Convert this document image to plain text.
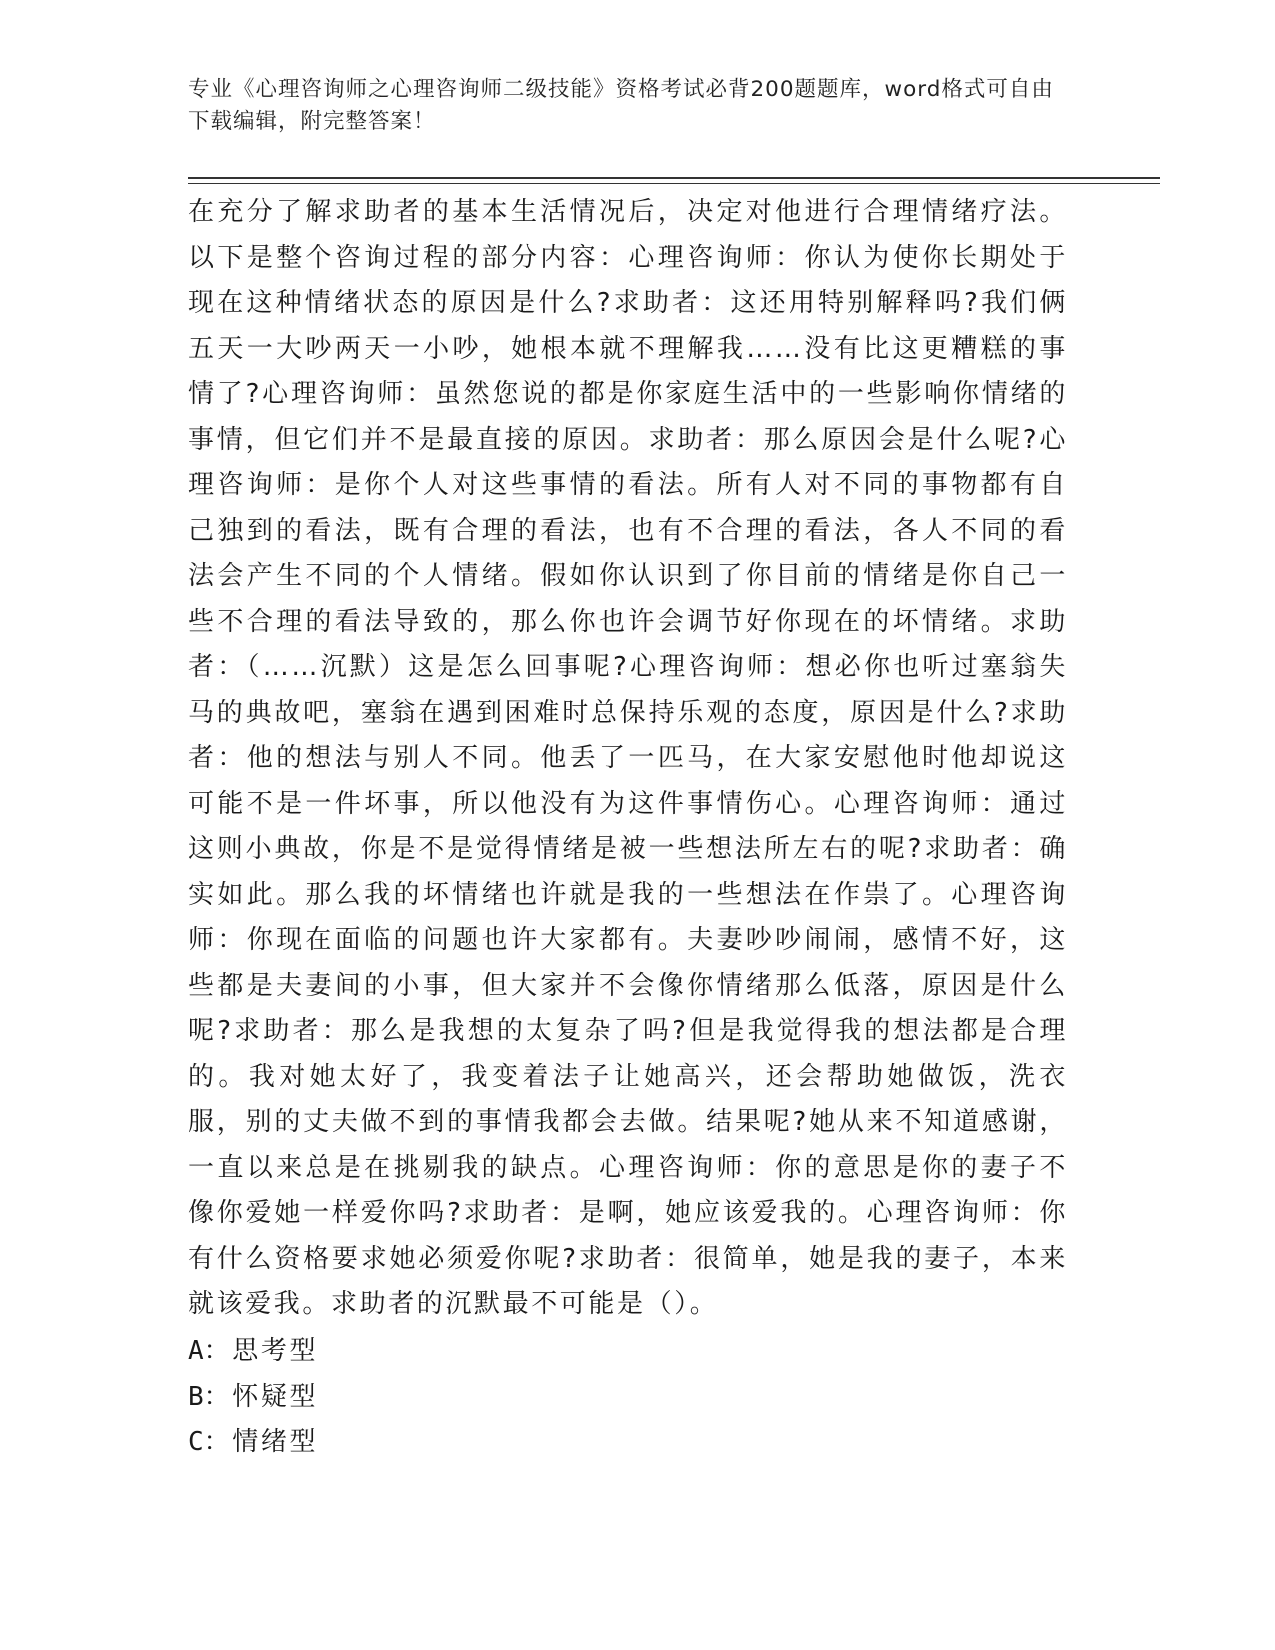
专业《心理咨询师之心理咨询师二级技能》资格考试必背200题题库，word格式可自由下载编辑，附完整答案！
在充分了解求助者的基本生活情况后，决定对他进行合理情绪疗法。以下是整个咨询过程的部分内容：心理咨询师：你认为使你长期处于现在这种情绪状态的原因是什么?求助者：这还用特别解释吗?我们俩五天一大吵两天一小吵，她根本就不理解我……没有比这更糟糕的事情了?心理咨询师：虽然您说的都是你家庭生活中的一些影响你情绪的事情，但它们并不是最直接的原因。求助者：那么原因会是什么呢?心理咨询师：是你个人对这些事情的看法。所有人对不同的事物都有自己独到的看法，既有合理的看法，也有不合理的看法，各人不同的看法会产生不同的个人情绪。假如你认识到了你目前的情绪是你自己一些不合理的看法导致的，那么你也许会调节好你现在的坏情绪。求助者：（……沉默）这是怎么回事呢?心理咨询师：想必你也听过塞翁失马的典故吧，塞翁在遇到困难时总保持乐观的态度，原因是什么?求助者：他的想法与别人不同。他丢了一匹马，在大家安慰他时他却说这可能不是一件坏事，所以他没有为这件事情伤心。心理咨询师：通过这则小典故，你是不是觉得情绪是被一些想法所左右的呢?求助者：确实如此。那么我的坏情绪也许就是我的一些想法在作祟了。心理咨询师：你现在面临的问题也许大家都有。夫妻吵吵闹闹，感情不好，这些都是夫妻间的小事，但大家并不会像你情绪那么低落，原因是什么呢?求助者：那么是我想的太复杂了吗?但是我觉得我的想法都是合理的。我对她太好了，我变着法子让她高兴，还会帮助她做饭，洗衣服，别的丈夫做不到的事情我都会去做。结果呢?她从来不知道感谢，一直以来总是在挑剔我的缺点。心理咨询师：你的意思是你的妻子不像你爱她一样爱你吗?求助者：是啊，她应该爱我的。心理咨询师：你有什么资格要求她必须爱你呢?求助者：很简单，她是我的妻子，本来就该爱我。求助者的沉默最不可能是（）。
A：思考型
B：怀疑型
C：情绪型
